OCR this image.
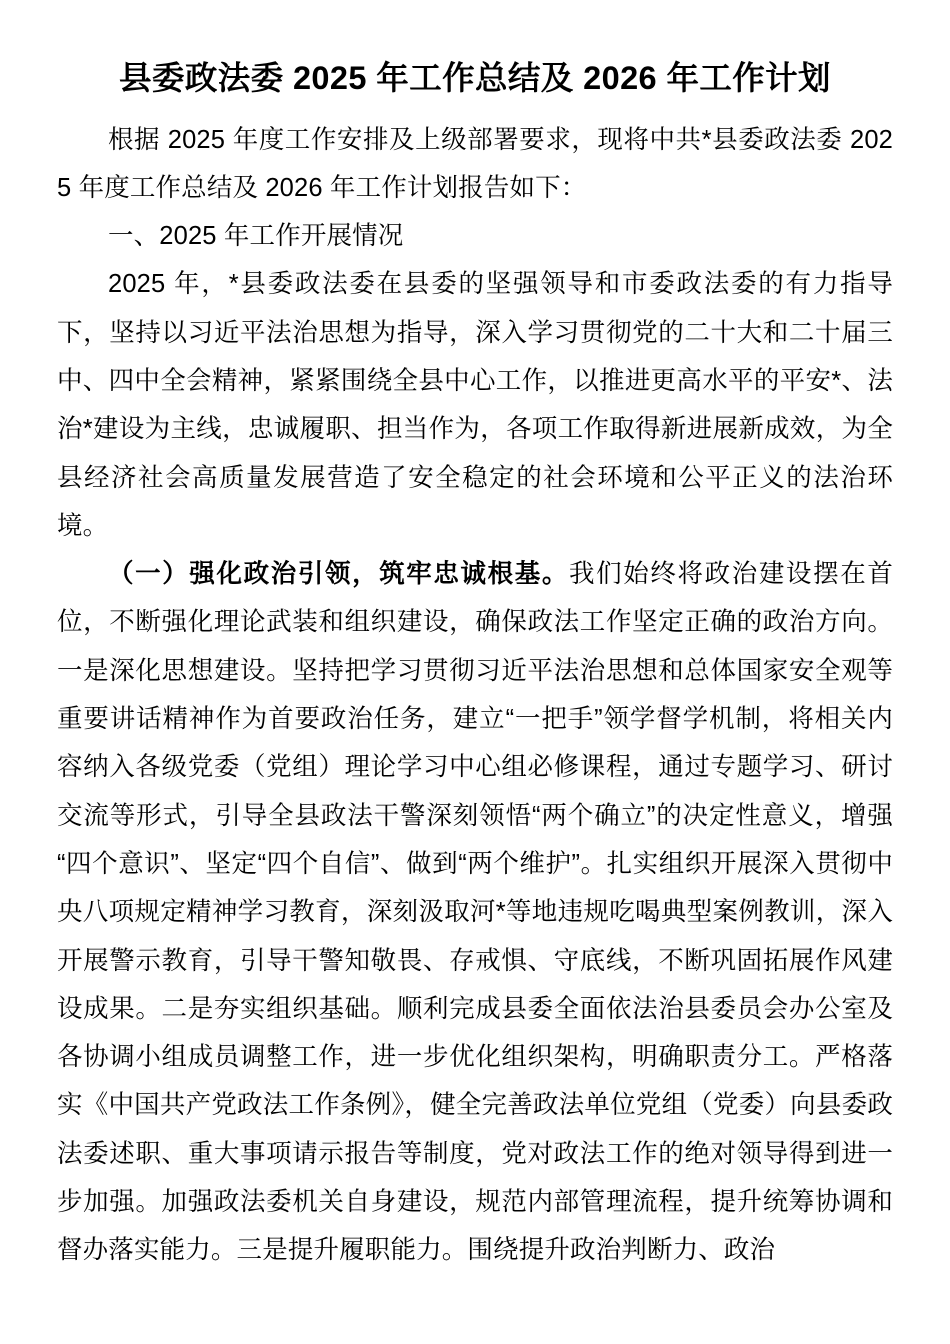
县委政法委 2025 年工作总结及 2026 年工作计划

根据 2025 年度工作安排及上级部署要求，现将中共*县委政法委 2025 年度工作总结及 2026 年工作计划报告如下：

一、2025 年工作开展情况

2025 年，*县委政法委在县委的坚强领导和市委政法委的有力指导下，坚持以习近平法治思想为指导，深入学习贯彻党的二十大和二十届三中、四中全会精神，紧紧围绕全县中心工作，以推进更高水平的平安*、法治*建设为主线，忠诚履职、担当作为，各项工作取得新进展新成效，为全县经济社会高质量发展营造了安全稳定的社会环境和公平正义的法治环境。

（一）强化政治引领，筑牢忠诚根基。我们始终将政治建设摆在首位，不断强化理论武装和组织建设，确保政法工作坚定正确的政治方向。一是深化思想建设。坚持把学习贯彻习近平法治思想和总体国家安全观等重要讲话精神作为首要政治任务，建立“一把手”领学督学机制，将相关内容纳入各级党委（党组）理论学习中心组必修课程，通过专题学习、研讨交流等形式，引导全县政法干警深刻领悟“两个确立”的决定性意义，增强“四个意识”、坚定“四个自信”、做到“两个维护”。扎实组织开展深入贯彻中央八项规定精神学习教育，深刻汲取河*等地违规吃喝典型案例教训，深入开展警示教育，引导干警知敬畏、存戒惧、守底线，不断巩固拓展作风建设成果。二是夯实组织基础。顺利完成县委全面依法治县委员会办公室及各协调小组成员调整工作，进一步优化组织架构，明确职责分工。严格落实《中国共产党政法工作条例》，健全完善政法单位党组（党委）向县委政法委述职、重大事项请示报告等制度，党对政法工作的绝对领导得到进一步加强。加强政法委机关自身建设，规范内部管理流程，提升统筹协调和督办落实能力。三是提升履职能力。围绕提升政治判断力、政治
